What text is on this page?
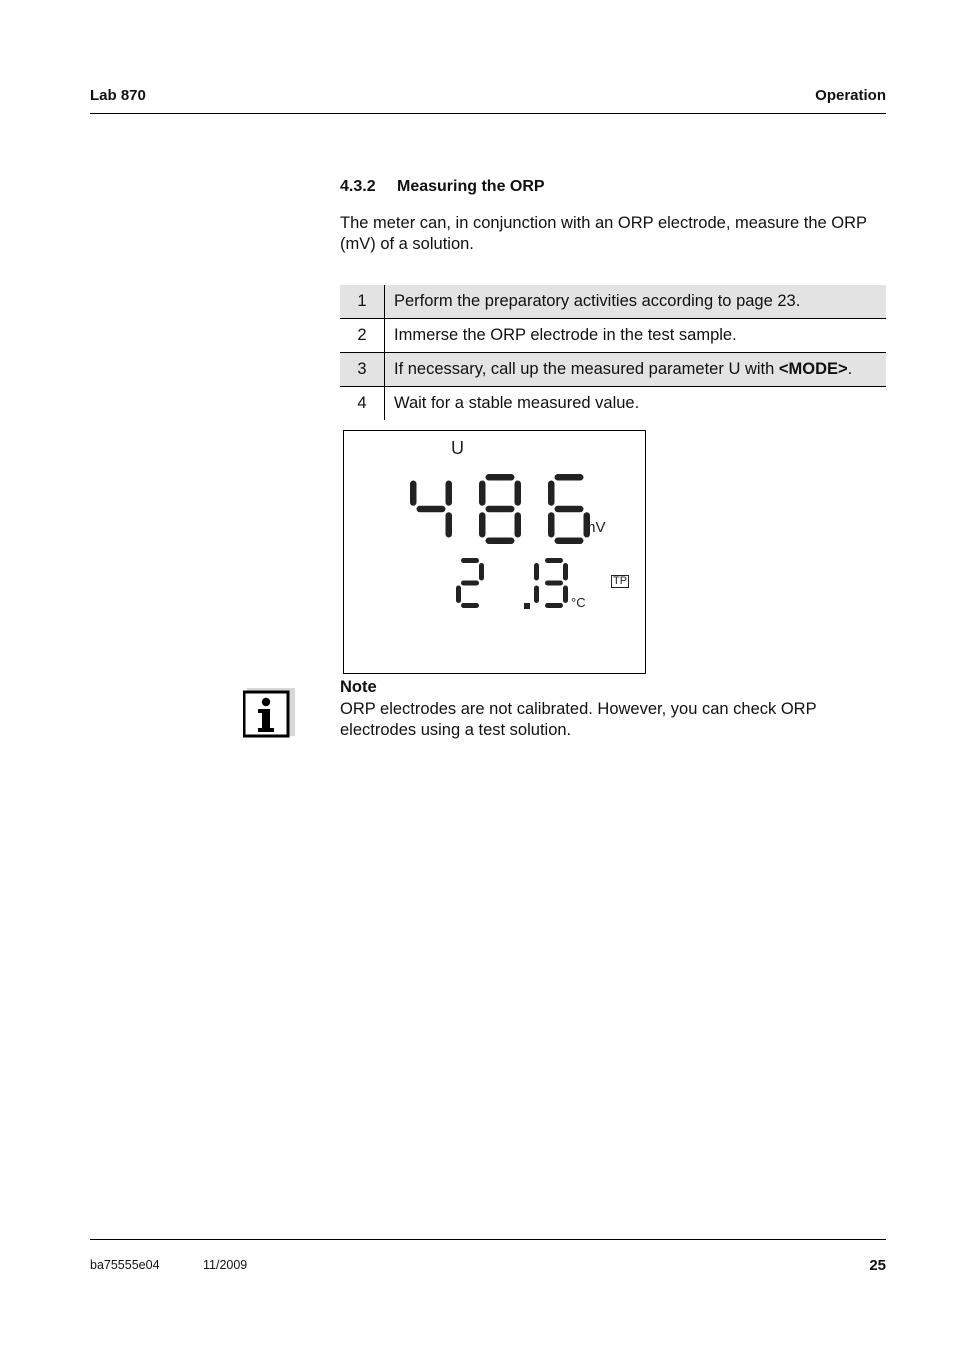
Lab 870	Operation
4.3.2 Measuring the ORP
The meter can, in conjunction with an ORP electrode, measure the ORP (mV) of a solution.
1	Perform the preparatory activities according to page 23.
2	Immerse the ORP electrode in the test sample.
3	If necessary, call up the measured parameter U with <MODE>.
4	Wait for a stable measured value.
U
mV
TP
°C
Note
ORP electrodes are not calibrated. However, you can check ORP electrodes using a test solution.
ba75555e04	11/2009	25
